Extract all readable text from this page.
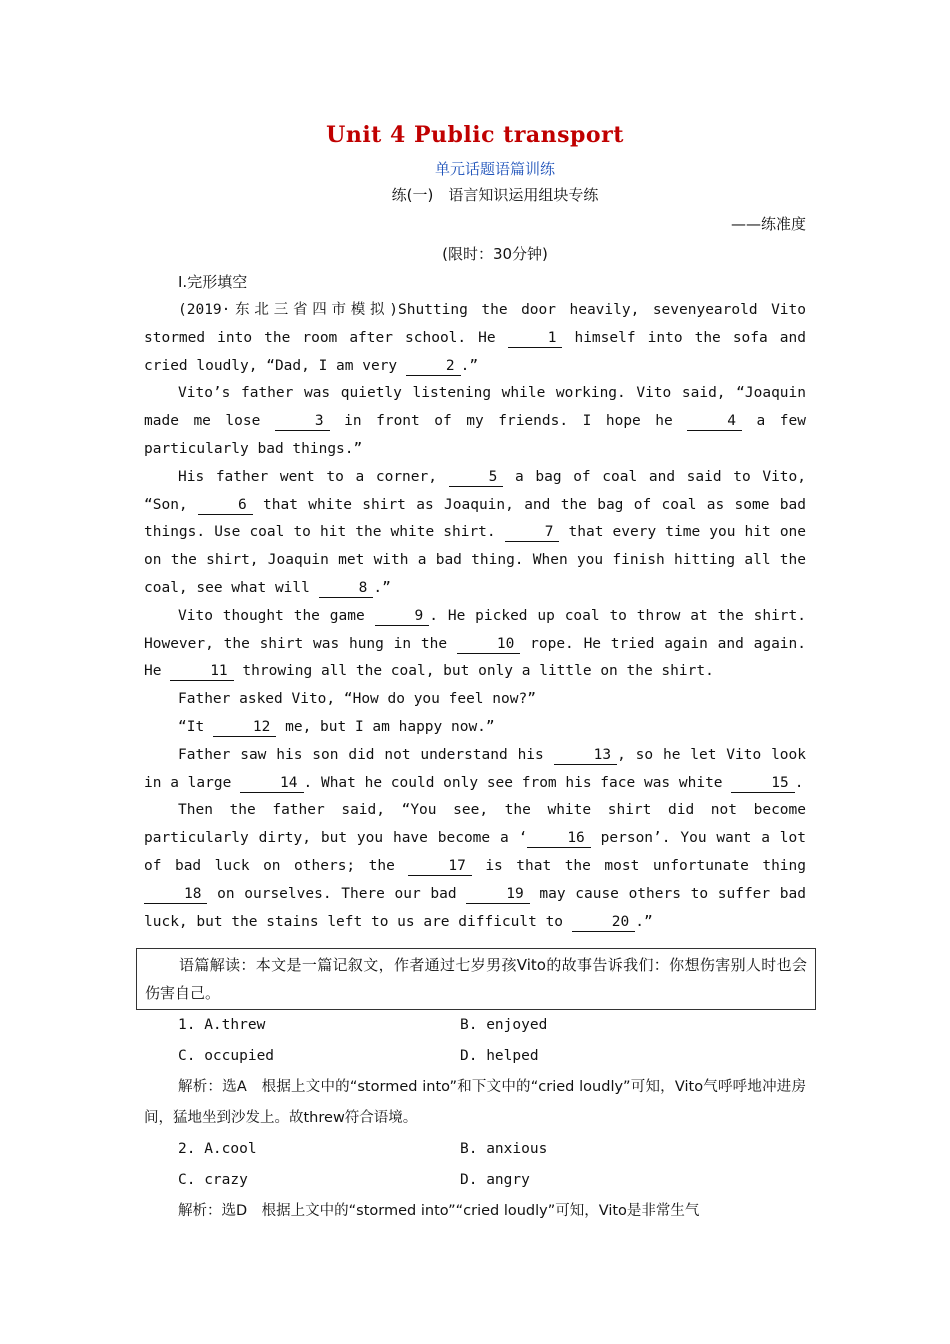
Unit 4 Public transport
单元话题语篇训练
练(一)　语言知识运用组块专练
——练准度
(限时：30分钟)
Ⅰ.完形填空

(2019·东北三省四市模拟)Shutting the door heavily, sevenyearold Vito stormed into the room after school. He	1 himself into the sofa and cried loudly, “Dad, I am very	2 .”

Vito’s father was quietly listening while working. Vito said, “Joaquin made me lose	3 in front of my friends. I hope he	4 a few particularly bad things.”

His father went to a corner,	5 a bag of coal and said to Vito, “Son,	6 that white shirt as Joaquin, and the bag of coal as some bad things. Use coal to hit the white shirt.	7 that every time you hit one on the shirt, Joaquin met with a bad thing. When you finish hitting all the coal, see what will	8 .”

Vito thought the game	9 . He picked up coal to throw at the shirt. However, the shirt was hung in the	10 rope. He tried again and again. He	11 throwing all the coal, but only a little on the shirt.

Father asked Vito, “How do you feel now?”

“It	12 me, but I am happy now.”

Father saw his son did not understand his	13 , so he let Vito look in a large	14 . What he could only see from his face was white	15 .

Then the father said, “You see, the white shirt did not become particularly dirty, but you have become a ‘	16 person’. You want a lot of bad luck on others; the	17 is that the most unfortunate thing 18 on ourselves. There our bad	19 may cause others to suffer bad luck, but the stains left to us are difficult to	20 .”

语篇解读：本文是一篇记叙文，作者通过七岁男孩Vito的故事告诉我们：你想伤害别人时也会伤害自己。
1. A.threw	B. enjoyed
C. occupied	D. helped

解析：选A　根据上文中的“stormed into”和下文中的“cried loudly”可知，Vito气呼呼地冲进房间，猛地坐到沙发上。故threw符合语境。

2. A.cool	B. anxious
C. crazy	D. angry

解析：选D　根据上文中的“stormed into”“cried loudly”可知，Vito是非常生气
